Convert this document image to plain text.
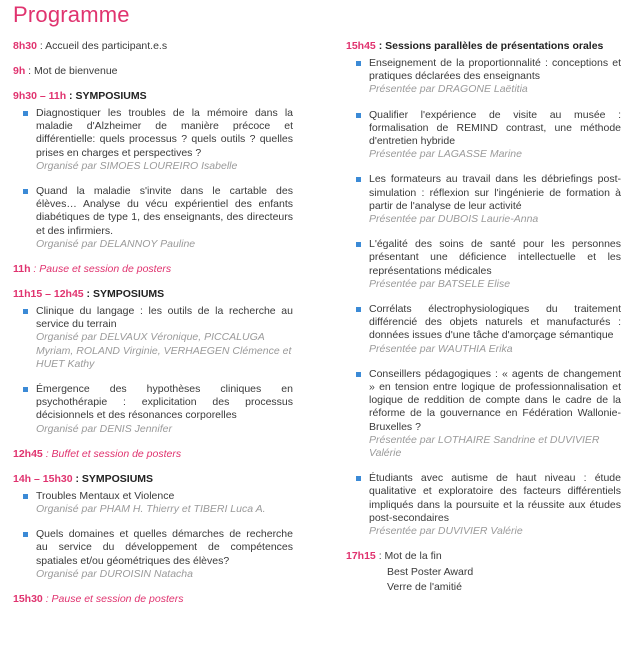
Programme
8h30 : Accueil des participant.e.s
9h : Mot de bienvenue
9h30 – 11h : SYMPOSIUMS
Diagnostiquer les troubles de la mémoire dans la maladie d'Alzheimer de manière précoce et différentielle: quels processus ? quels outils ? quelles prises en charges et perspectives ?
Organisé par SIMOES LOUREIRO Isabelle
Quand la maladie s'invite dans le cartable des élèves… Analyse du vécu expérientiel des enfants diabétiques de type 1, des enseignants, des directeurs et des infirmiers.
Organisé par DELANNOY Pauline
11h : Pause et session de posters
11h15 – 12h45 : SYMPOSIUMS
Clinique du langage : les outils de la recherche au service du terrain
Organisé par DELVAUX Véronique, PICCALUGA Myriam, ROLAND Virginie, VERHAEGEN Clémence et HUET Kathy
Émergence des hypothèses cliniques en psychothérapie : explicitation des processus décisionnels et des résonances corporelles
Organisé par DENIS Jennifer
12h45 : Buffet et session de posters
14h – 15h30 : SYMPOSIUMS
Troubles Mentaux et Violence
Organisé par PHAM H. Thierry et TIBERI Luca A.
Quels domaines et quelles démarches de recherche au service du développement de compétences spatiales et/ou géométriques des élèves?
Organisé par DUROISIN Natacha
15h30 : Pause et session de posters
15h45 : Sessions parallèles de présentations orales
Enseignement de la proportionnalité : conceptions et pratiques déclarées des enseignants
Présentée par DRAGONE Laëtitia
Qualifier l'expérience de visite au musée : formalisation de REMIND contrast, une méthode d'entretien hybride
Présentée par LAGASSE Marine
Les formateurs au travail dans les débriefings post-simulation : réflexion sur l'ingénierie de formation à partir de l'analyse de leur activité
Présentée par DUBOIS Laurie-Anna
L'égalité des soins de santé pour les personnes présentant une déficience intellectuelle et les représentations médicales
Présentée par BATSELE Elise
Corrélats électrophysiologiques du traitement différencié des objets naturels et manufacturés : données issues d'une tâche d'amorçage sémantique
Présentée par WAUTHIA Erika
Conseillers pédagogiques : « agents de changement » en tension entre logique de professionnalisation et logique de reddition de compte dans le cadre de la réforme de la gouvernance en Fédération Wallonie-Bruxelles ?
Présentée par LOTHAIRE Sandrine et DUVIVIER Valérie
Étudiants avec autisme de haut niveau : étude qualitative et exploratoire des facteurs différentiels impliqués dans la poursuite et la réussite aux études post-secondaires
Présentée par DUVIVIER Valérie
17h15 : Mot de la fin
Best Poster Award
Verre de l'amitié
